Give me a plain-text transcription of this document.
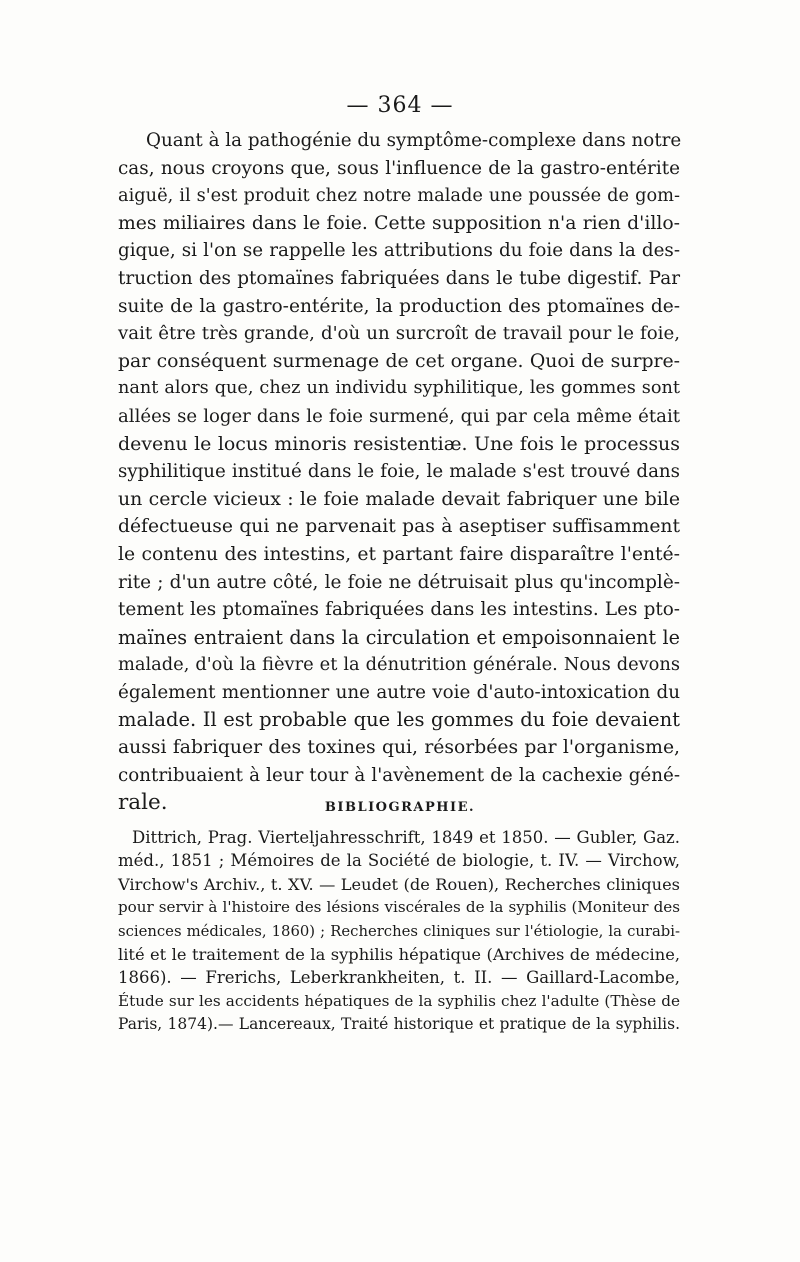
— 364 —
Quant à la pathogénie du symptôme-complexe dans notre
cas, nous croyons que, sous l'influence de la gastro-entérite
aiguë, il s'est produit chez notre malade une poussée de gom-
mes miliaires dans le foie. Cette supposition n'a rien d'illo-
gique, si l'on se rappelle les attributions du foie dans la des-
truction des ptomaïnes fabriquées dans le tube digestif. Par
suite de la gastro-entérite, la production des ptomaïnes de-
vait être très grande, d'où un surcroît de travail pour le foie,
par conséquent surmenage de cet organe. Quoi de surpre-
nant alors que, chez un individu syphilitique, les gommes sont
allées se loger dans le foie surmené, qui par cela même était
devenu le locus minoris resistentiæ. Une fois le processus
syphilitique institué dans le foie, le malade s'est trouvé dans
un cercle vicieux : le foie malade devait fabriquer une bile
défectueuse qui ne parvenait pas à aseptiser suffisamment
le contenu des intestins, et partant faire disparaître l'enté-
rite ; d'un autre côté, le foie ne détruisait plus qu'incomplè-
tement les ptomaïnes fabriquées dans les intestins. Les pto-
maïnes entraient dans la circulation et empoisonnaient le
malade, d'où la fièvre et la dénutrition générale. Nous devons
également mentionner une autre voie d'auto-intoxication du
malade. Il est probable que les gommes du foie devaient
aussi fabriquer des toxines qui, résorbées par l'organisme,
contribuaient à leur tour à l'avènement de la cachexie géné-
rale.	BIBLIOGRAPHIE.
Dittrich, Prag. Vierteljahresschrift, 1849 et 1850. — Gubler, Gaz.
méd., 1851 ; Mémoires de la Société de biologie, t. IV. — Virchow,
Virchow's Archiv., t. XV. — Leudet (de Rouen), Recherches cliniques
pour servir à l'histoire des lésions viscérales de la syphilis (Moniteur des
sciences médicales, 1860) ; Recherches cliniques sur l'étiologie, la curabi-
lité et le traitement de la syphilis hépatique (Archives de médecine,
1866). — Frerichs, Leberkrankheiten, t. II. — Gaillard-Lacombe,
Étude sur les accidents hépatiques de la syphilis chez l'adulte (Thèse de
Paris, 1874).— Lancereaux, Traité historique et pratique de la syphilis.
